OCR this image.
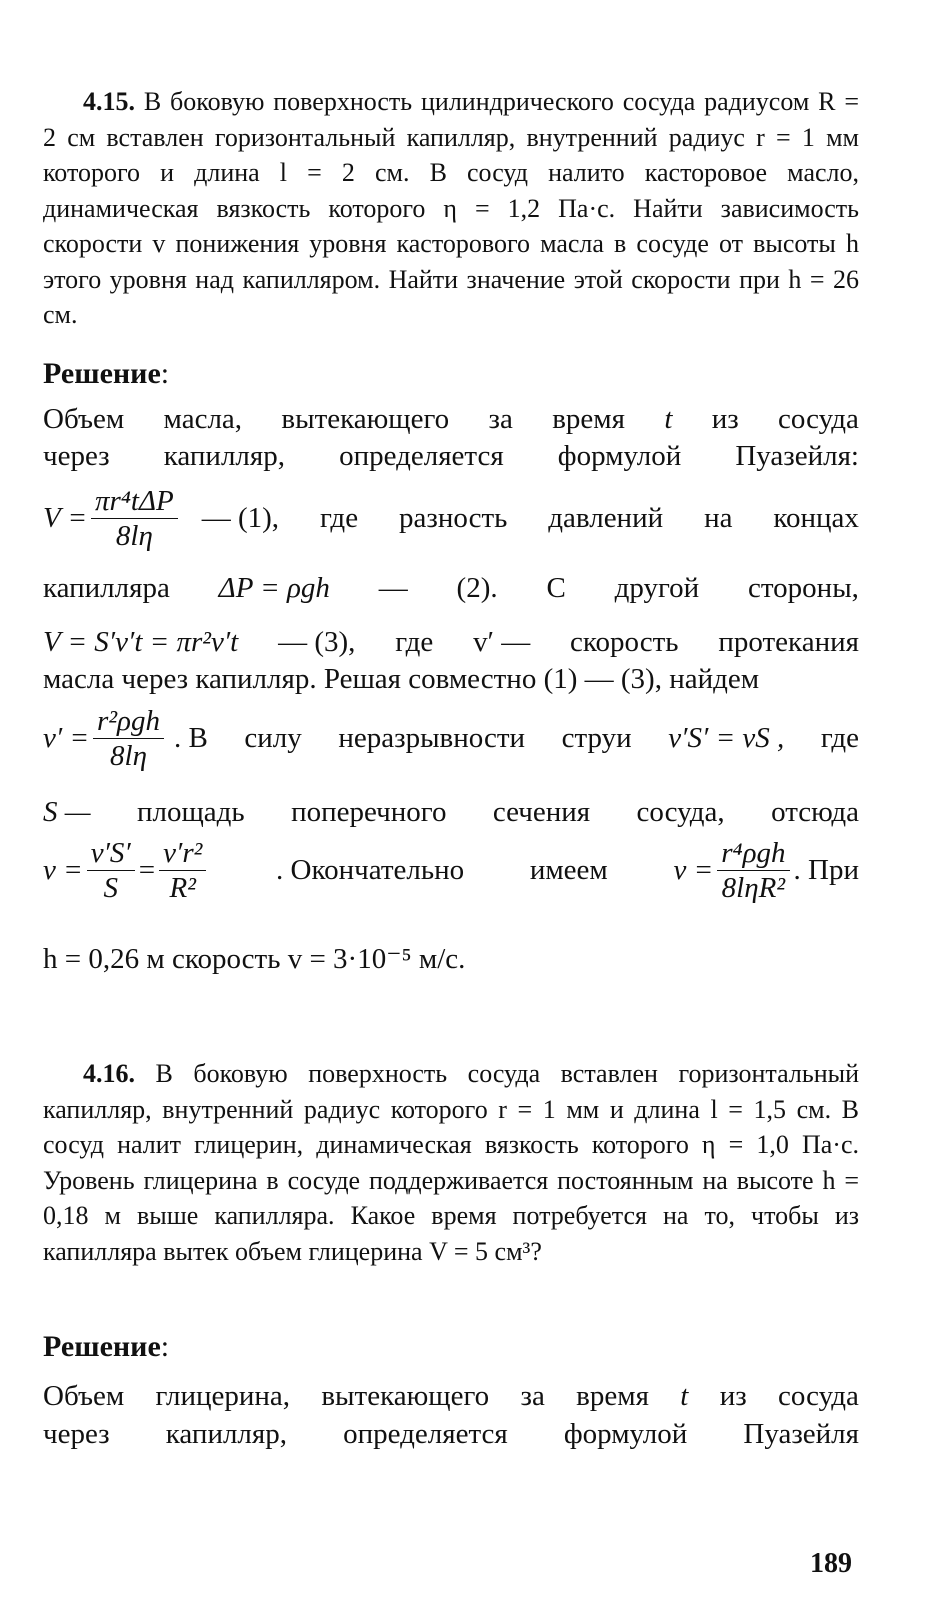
4.15. В боковую поверхность цилиндрического сосуда радиусом R = 2 см вставлен горизонтальный капилляр, внутренний радиус r = 1 мм которого и длина l = 2 см. В сосуд налито касторовое масло, динамическая вязкость которого η = 1,2 Па·с. Найти зависимость скорости v понижения уровня касторового масла в сосуде от высоты h этого уровня над капилляром. Найти значение этой скорости при h = 26 см.
Решение:
Объем масла, вытекающего за время t из сосуда
через капилляр, определяется формулой Пуазейля:
$V = \frac{\text{πr⁴tΔP}}{8l\eta}$ — (1), где разность давлений на концах
капилляра ΔP = ρgh — (2). С другой стороны,
V = S′v′t = πr²v′t — (3), где v′ — скорость протекания
масла через капилляр. Решая совместно (1) — (3), найдем
$v' = \frac{\text{r²ρgh}}{8l\eta}$ . В силу неразрывности струи v′S′ = vS , где
S — площадь поперечного сечения сосуда, отсюда
$v = \frac{v'S'}{S} = \frac{\text{v′r²}}{\text{R²}}$ . Окончательно имеем $v = \frac{\text{r⁴ρgh}}{\text{8lηR²}}$ . При
h = 0,26 м скорость v = 3·10⁻⁵ м/с.
4.16. В боковую поверхность сосуда вставлен горизонтальный капилляр, внутренний радиус которого r = 1 мм и длина l = 1,5 см. В сосуд налит глицерин, динамическая вязкость которого η = 1,0 Па·с. Уровень глицерина в сосуде поддерживается постоянным на высоте h = 0,18 м выше капилляра. Какое время потребуется на то, чтобы из капилляра вытек объем глицерина V = 5 см³?
Решение:
Объем глицерина, вытекающего за время t из сосуда
через капилляр, определяется формулой Пуазейля
189
